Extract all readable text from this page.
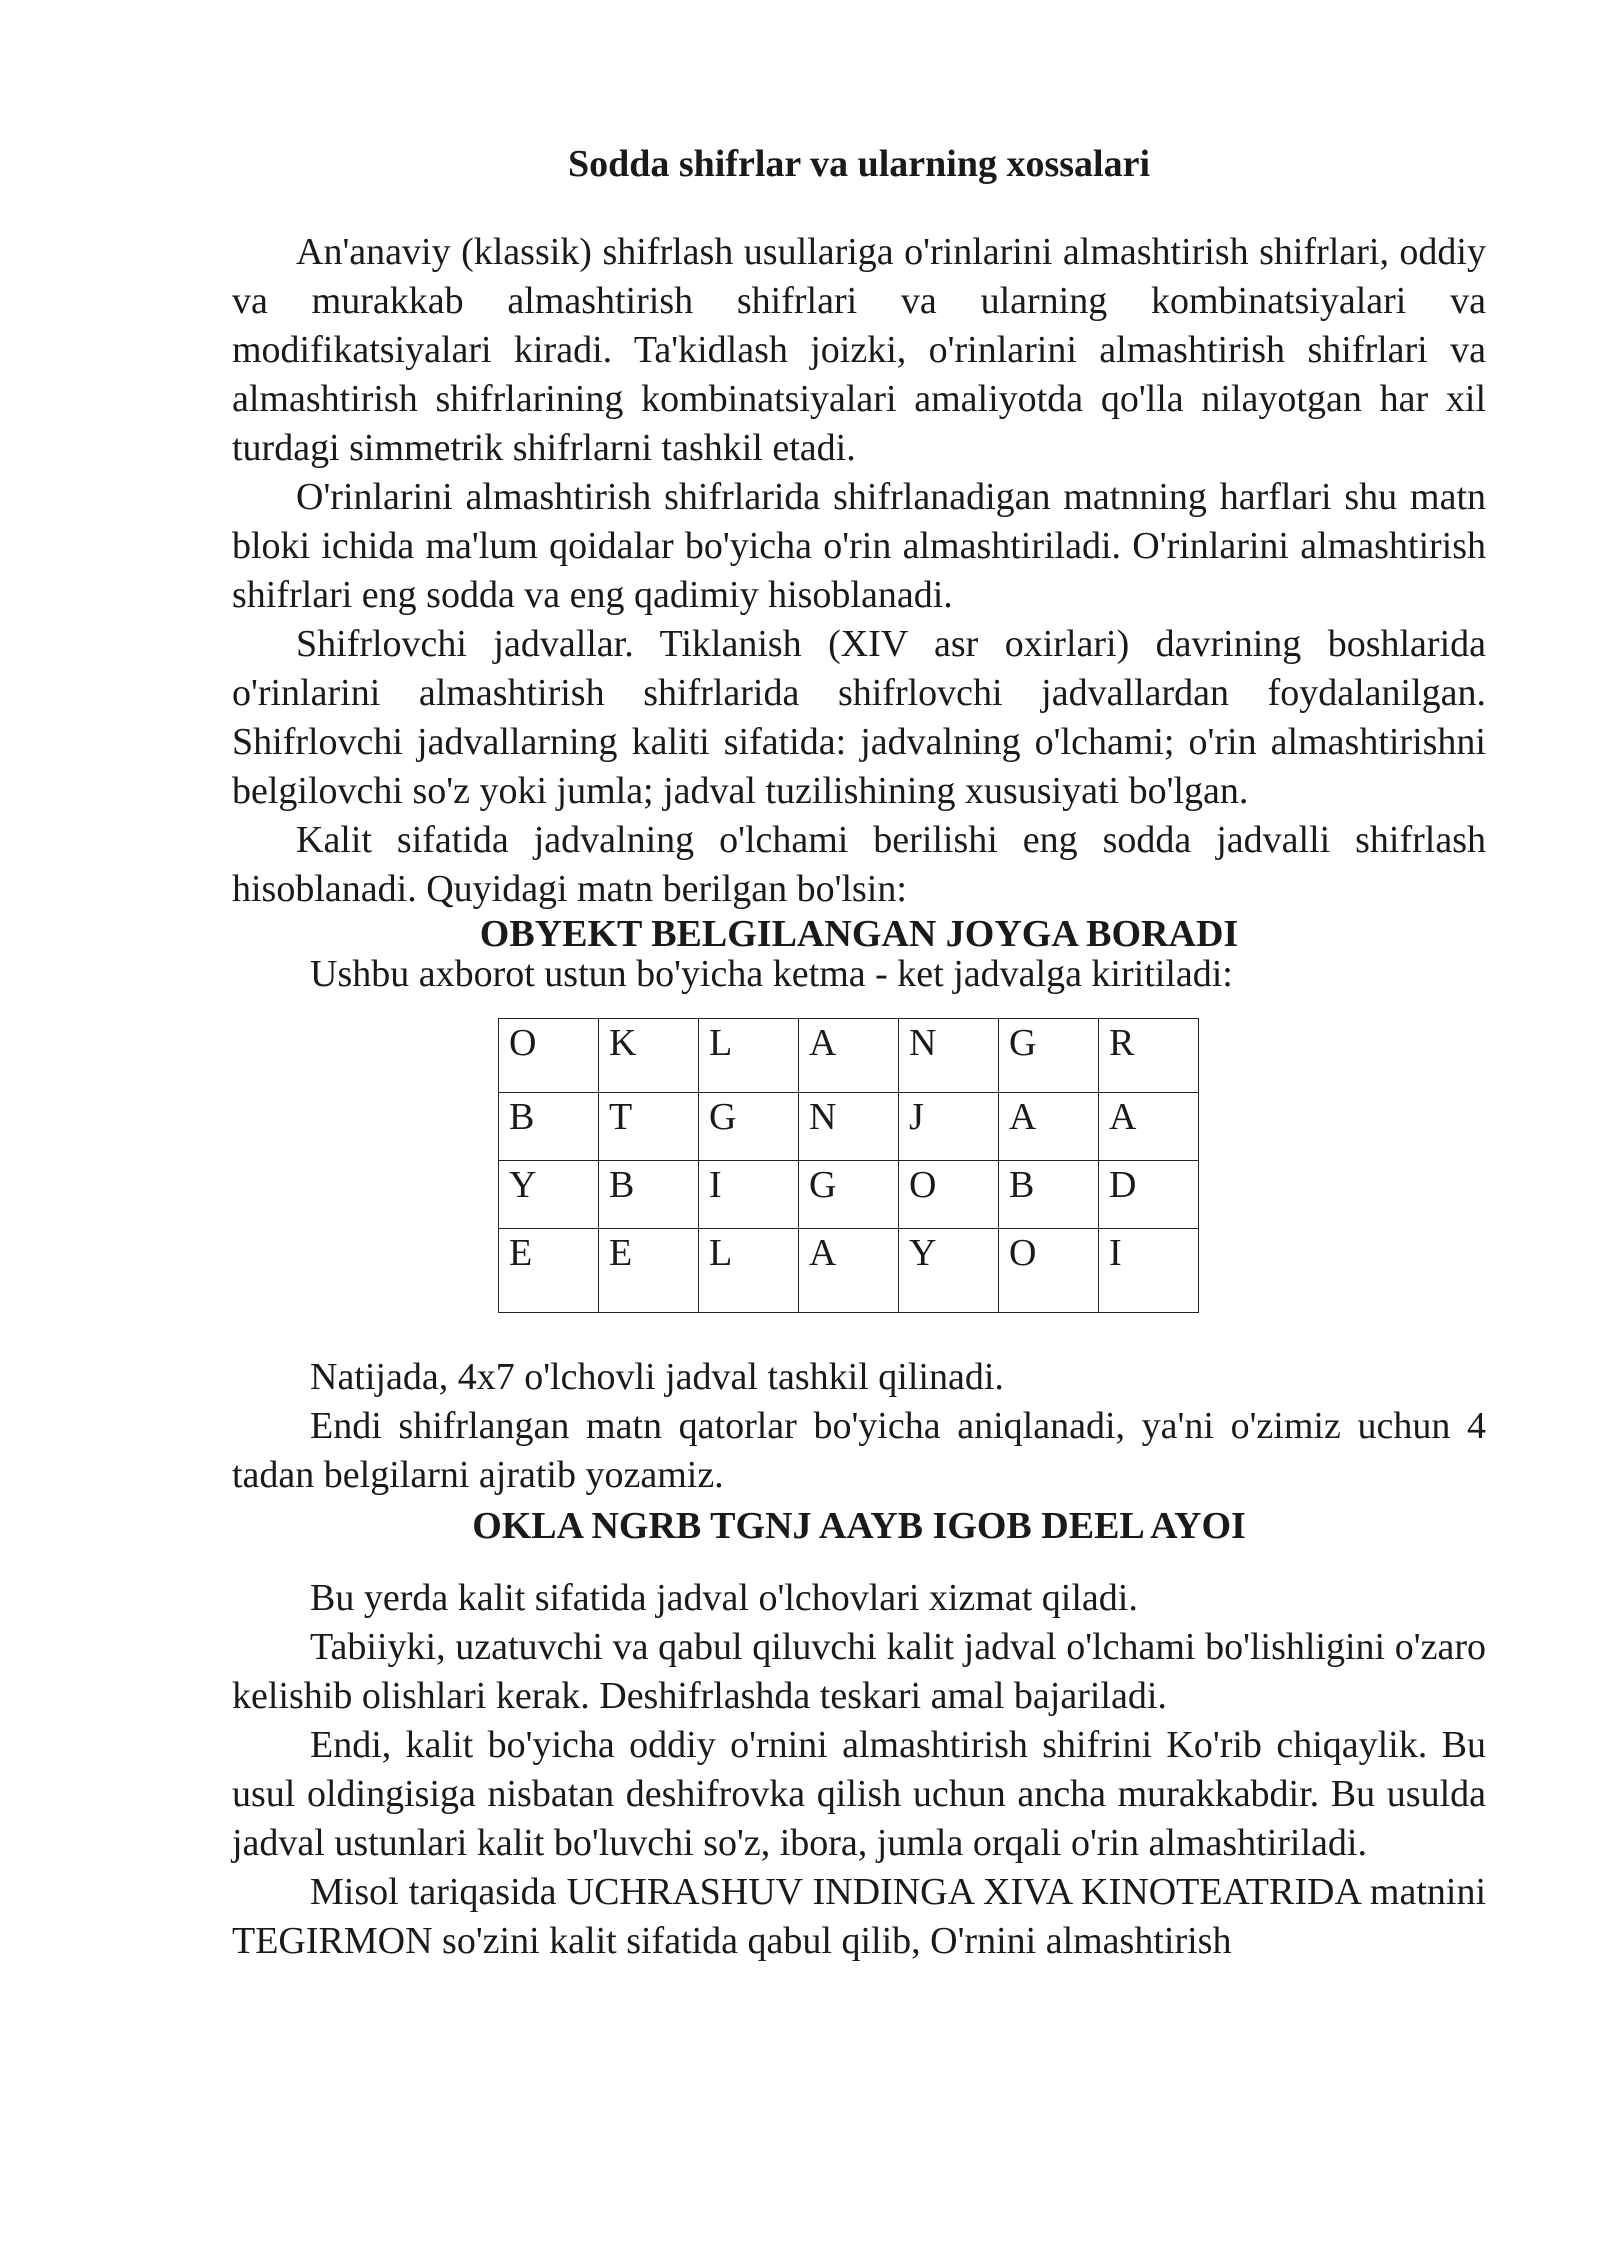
Sodda shifrlar va ularning xossalari

An'anaviy (klassik) shifrlash usullariga o'rinlarini almashtirish shifrlari, oddiy va murakkab almashtirish shifrlari va ularning kombinatsiyalari va modifikatsiyalari kiradi. Ta'kidlash joizki, o'rinlarini almashtirish shifrlari va almashtirish shifrlarining kombinatsiyalari amaliyotda qo'lla nilayotgan har xil turdagi simmetrik shifrlarni tashkil etadi.

O'rinlarini almashtirish shifrlarida shifrlanadigan matnning harflari shu matn bloki ichida ma'lum qoidalar bo'yicha o'rin almashtiriladi. O'rinlarini almashtirish shifrlari eng sodda va eng qadimiy hisoblanadi.

Shifrlovchi jadvallar. Tiklanish (XIV asr oxirlari) davrining boshlarida o'rinlarini almashtirish shifrlarida shifrlovchi jadvallardan foydalanilgan. Shifrlovchi jadvallarning kaliti sifatida: jadvalning o'lchami; o'rin almashtirishni belgilovchi so'z yoki jumla; jadval tuzilishining xususiyati bo'lgan.

Kalit sifatida jadvalning o'lchami berilishi eng sodda jadvalli shifrlash hisoblanadi. Quyidagi matn berilgan bo'lsin:

OBYEKT BELGILANGAN JOYGA BORADI

Ushbu axborot ustun bo'yicha ketma - ket jadvalga kiritiladi:

O	K	L	A	N	G	R
B	T	G	N	J	A	A
Y	B	I	G	O	B	D
E	E	L	A	Y	O	I

Natijada, 4x7 o'lchovli jadval tashkil qilinadi.

Endi shifrlangan matn qatorlar bo'yicha aniqlanadi, ya'ni o'zimiz uchun 4 tadan belgilarni ajratib yozamiz.

OKLA NGRB TGNJ AAYB IGOB DEEL AYOI

Bu yerda kalit sifatida jadval o'lchovlari xizmat qiladi.

Tabiiyki, uzatuvchi va qabul qiluvchi kalit jadval o'lchami bo'lishligini o'zaro kelishib olishlari kerak. Deshifrlashda teskari amal bajariladi.

Endi, kalit bo'yicha oddiy o'rnini almashtirish shifrini Ko'rib chiqaylik. Bu usul oldingisiga nisbatan deshifrovka qilish uchun ancha murakkabdir. Bu usulda jadval ustunlari kalit bo'luvchi so'z, ibora, jumla orqali o'rin almashtiriladi.

Misol tariqasida UCHRASHUV INDINGA XIVA KINOTEATRIDA matnini TEGIRMON so'zini kalit sifatida qabul qilib, O'rnini almashtirish
